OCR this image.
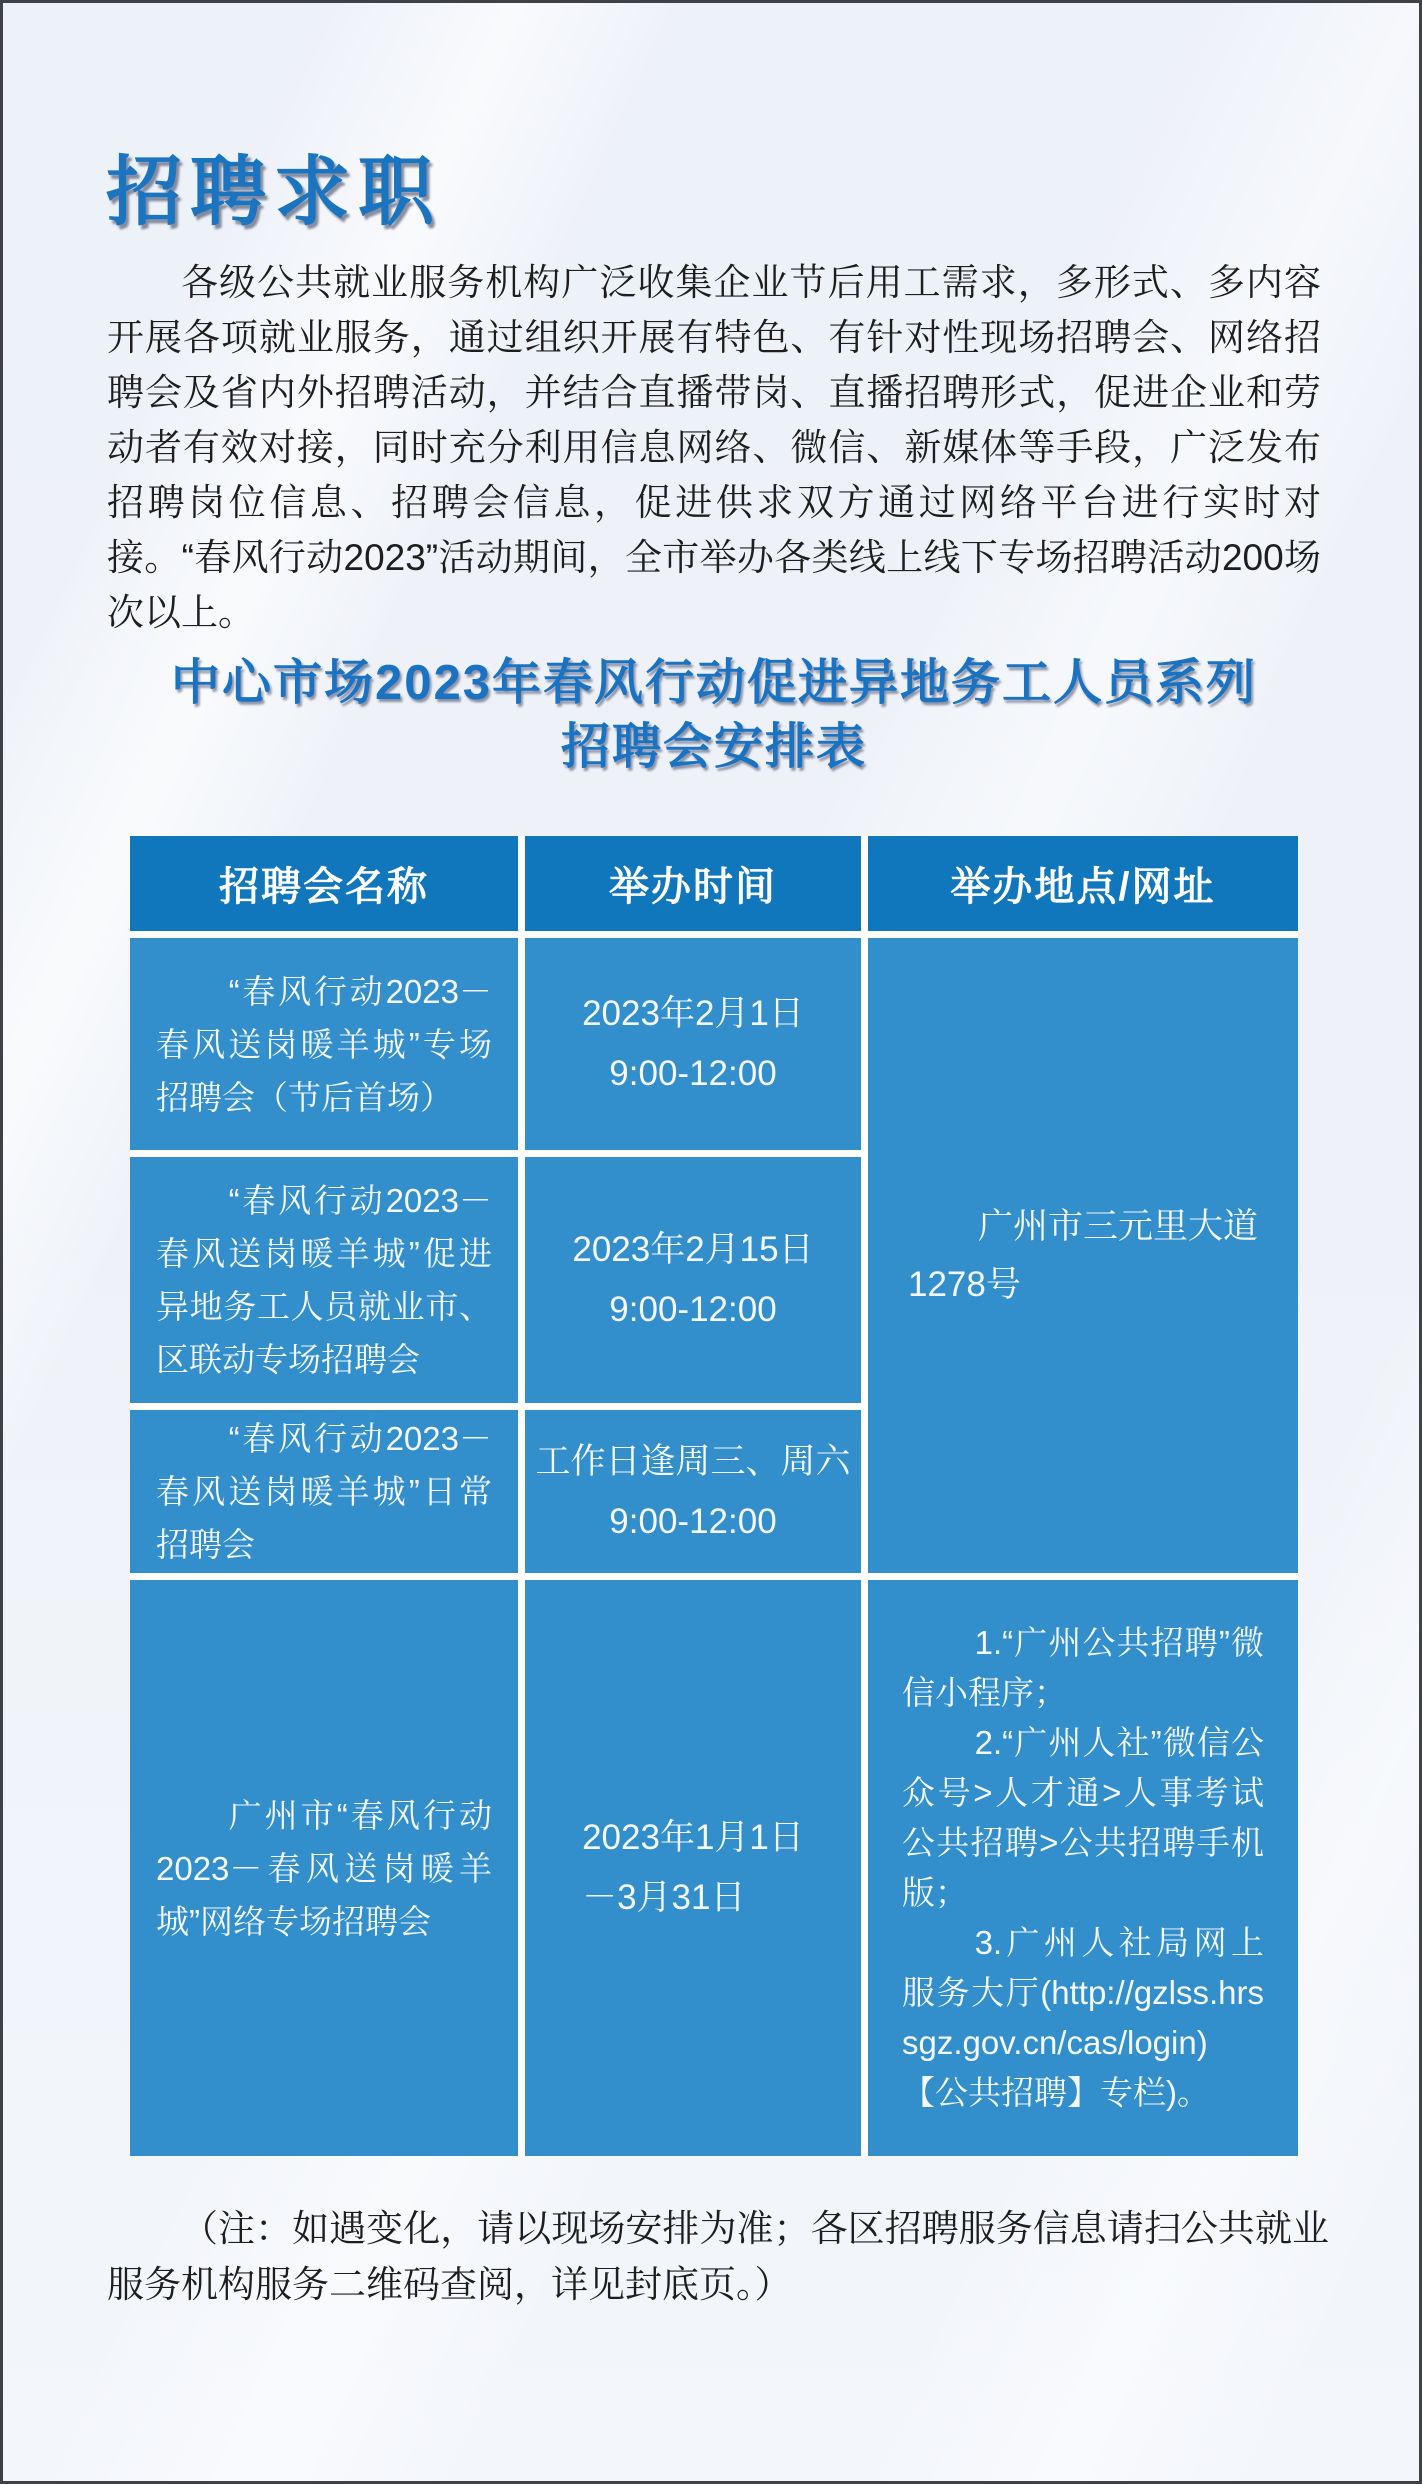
招聘求职

各级公共就业服务机构广泛收集企业节后用工需求，多形式、多内容开展各项就业服务，通过组织开展有特色、有针对性现场招聘会、网络招聘会及省内外招聘活动，并结合直播带岗、直播招聘形式，促进企业和劳动者有效对接，同时充分利用信息网络、微信、新媒体等手段，广泛发布招聘岗位信息、招聘会信息，促进供求双方通过网络平台进行实时对接。“春风行动2023”活动期间，全市举办各类线上线下专场招聘活动200场次以上。

中心市场2023年春风行动促进异地务工人员系列
招聘会安排表
招聘会名称	举办时间	举办地点/网址

“春风行动2023－春风送岗暖羊城”专场招聘会（节后首场）

2023年2月1日
9:00-12:00

广州市三元里大道1278号

“春风行动2023－春风送岗暖羊城”促进异地务工人员就业市、区联动专场招聘会

2023年2月15日
9:00-12:00

“春风行动2023－春风送岗暖羊城”日常招聘会

工作日逢周三、周六
9:00-12:00

广州市“春风行动2023－春风送岗暖羊城”网络专场招聘会

2023年1月1日
－3月31日

1.“广州公共招聘”微信小程序；

2.“广州人社”微信公众号>人才通>人事考试公共招聘>公共招聘手机版；

3.广州人社局网上服务大厅(http://gzlss.hrssgz.gov.cn/cas/login)【公共招聘】专栏)。

（注：如遇变化，请以现场安排为准；各区招聘服务信息请扫公共就业服务机构服务二维码查阅，详见封底页。）
